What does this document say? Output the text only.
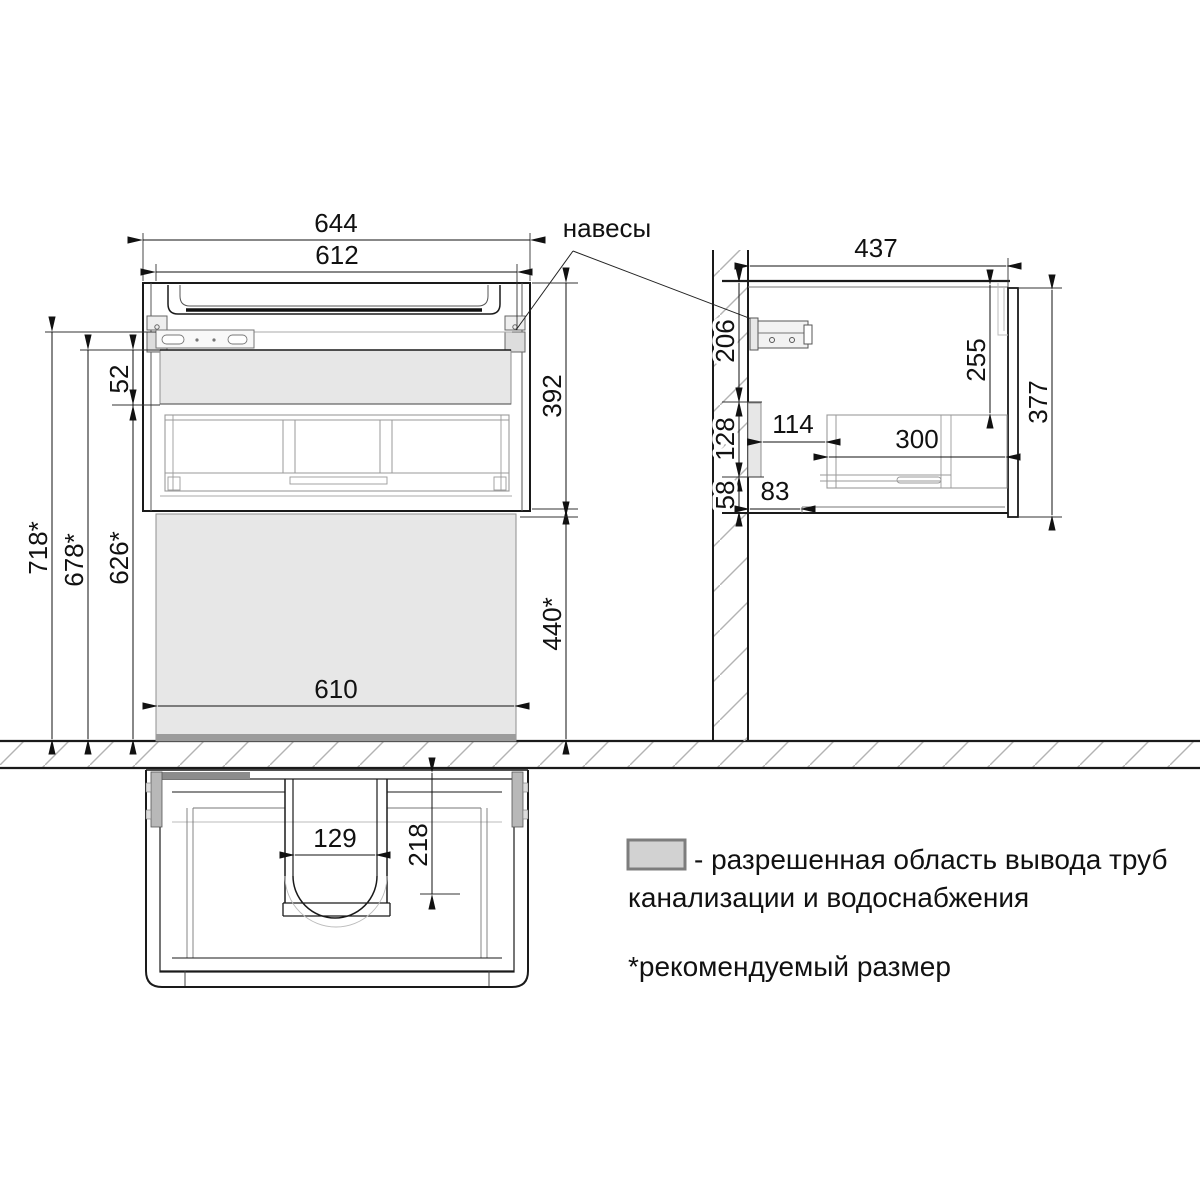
644
612
навесы
392
440*
718* 678* 626*
52
610
437
206
128
58
114	300
83
255
377
129 218	- разрешенная область вывода труб
канализации и водоснабжения
*рекомендуемый размер
